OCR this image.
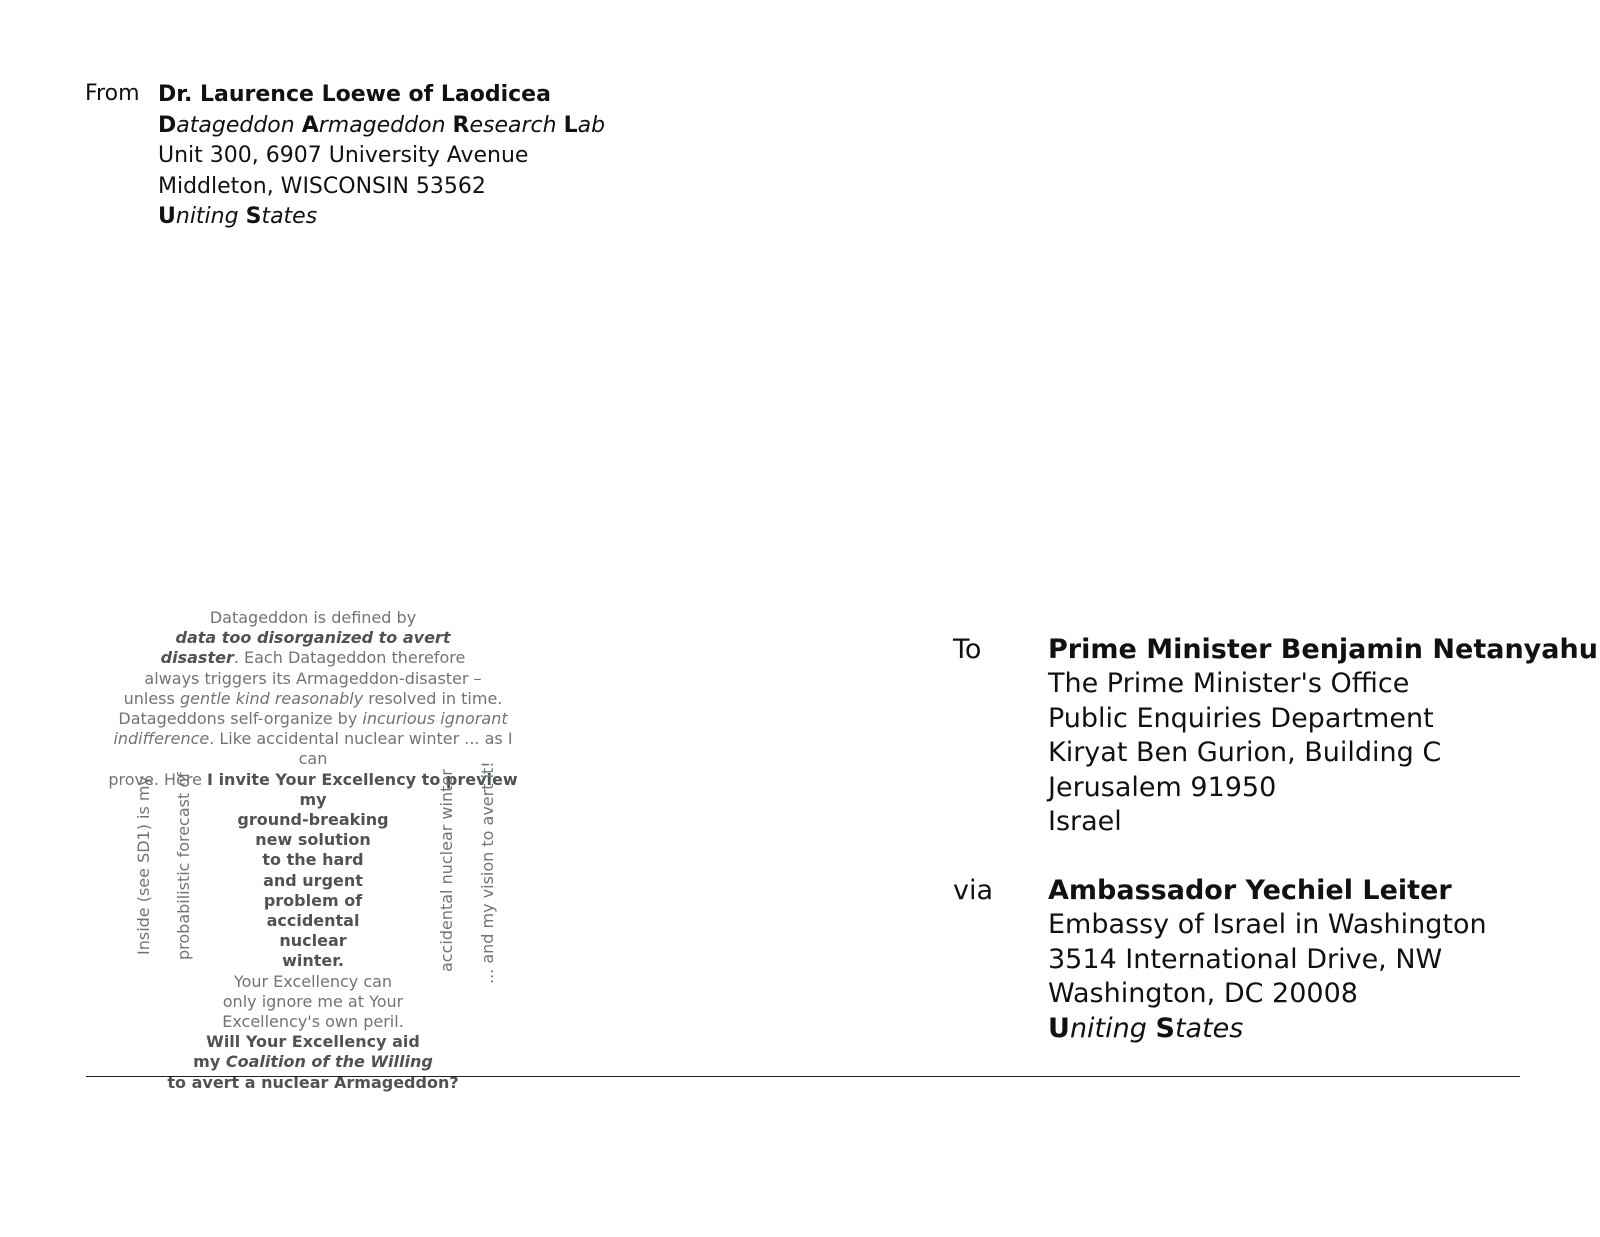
From Dr. Laurence Loewe of Laodicea
Datageddon Armageddon Research Lab
Unit 300, 6907 University Avenue
Middleton, WISCONSIN 53562
Uniting States
Datageddon is defined by
data too disorganized to avert
disaster. Each Datageddon therefore
always triggers its Armageddon-disaster –
unless gentle kind reasonably resolved in time.
Datageddons self-organize by incurious ignorant
indifference. Like accidental nuclear winter ... as I can
prove. Here I invite Your Excellency to preview my
ground-breaking
new solution
to the hard
and urgent
problem of
accidental
nuclear
winter.
Your Excellency can
only ignore me at Your
Excellency's own peril.
Will Your Excellency aid
my Coalition of the Willing
to avert a nuclear Armageddon?
Inside (see SD1) is my probabilistic forecast of	accidental nuclear winter ... and my vision to avert it!
To Prime Minister Benjamin Netanyahu
The Prime Minister's Office
Public Enquiries Department
Kiryat Ben Gurion, Building C
Jerusalem 91950
Israel
via Ambassador Yechiel Leiter
Embassy of Israel in Washington
3514 International Drive, NW
Washington, DC 20008
Uniting States
